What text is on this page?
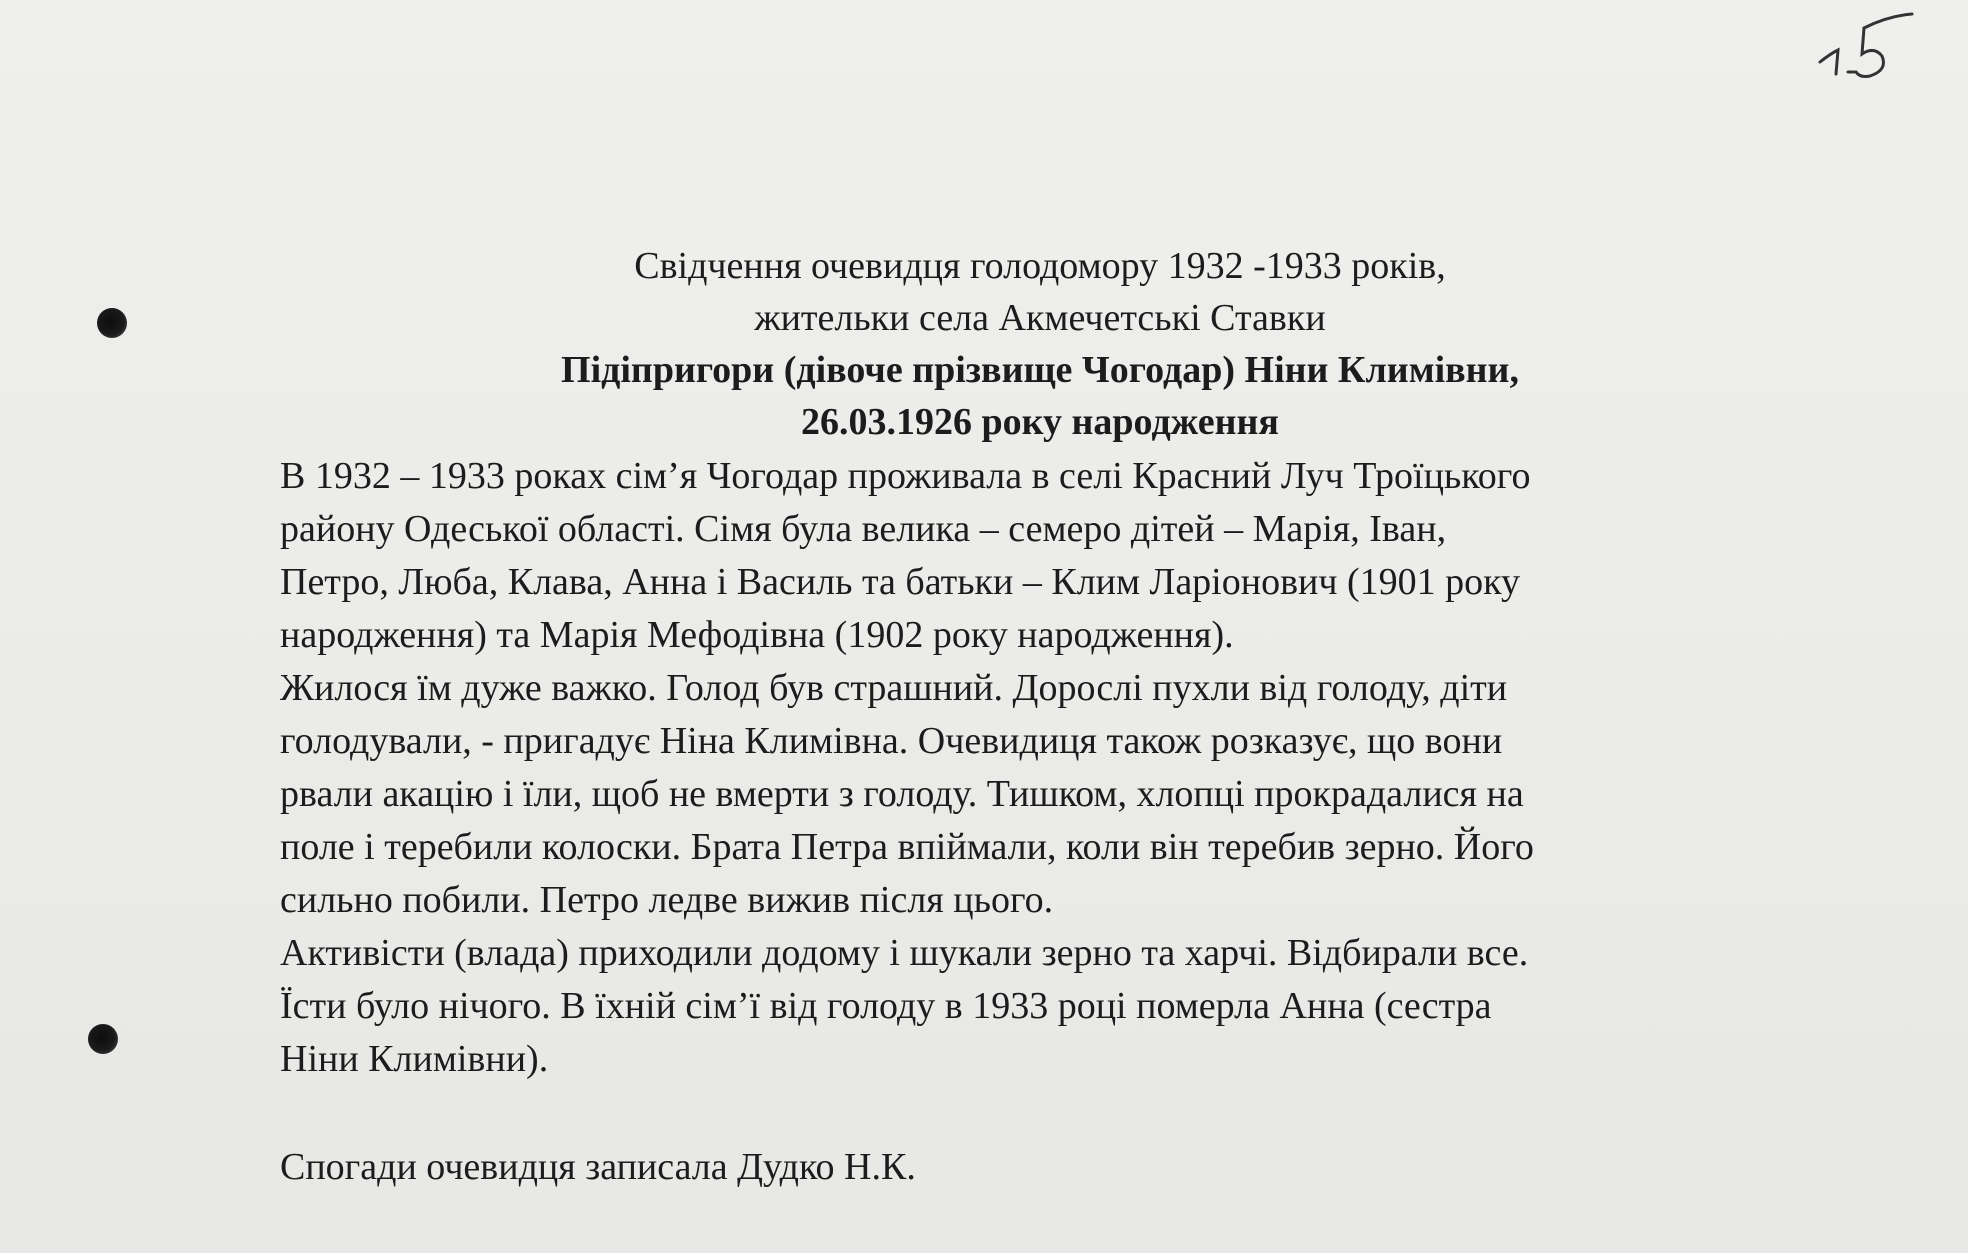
Свідчення очевидця голодомору 1932 -1933 років,
жительки села Акмечетські Ставки
Підіпригори (дівоче прізвище Чогодар) Ніни Климівни,
26.03.1926 року народження
В 1932 – 1933 роках сім’я Чогодар проживала в селі Красний Луч Троїцького
району Одеської області. Сімя була велика – семеро дітей – Марія, Іван,
Петро, Люба, Клава, Анна і Василь та батьки – Клим Ларіонович (1901 року
народження) та Марія Мефодівна (1902 року народження).
Жилося їм дуже важко. Голод був страшний. Дорослі пухли від голоду, діти
голодували, - пригадує Ніна Климівна. Очевидиця також розказує, що вони
рвали акацію і їли, щоб не вмерти з голоду. Тишком, хлопці прокрадалися на
поле і теребили колоски. Брата Петра впіймали, коли він теребив зерно. Його
сильно побили. Петро ледве вижив після цього.
Активісти (влада) приходили додому і шукали зерно та харчі. Відбирали все.
Їсти було нічого. В їхній сім’ї від голоду в 1933 році померла Анна (сестра
Ніни Климівни).
Спогади очевидця записала Дудко Н.К.
